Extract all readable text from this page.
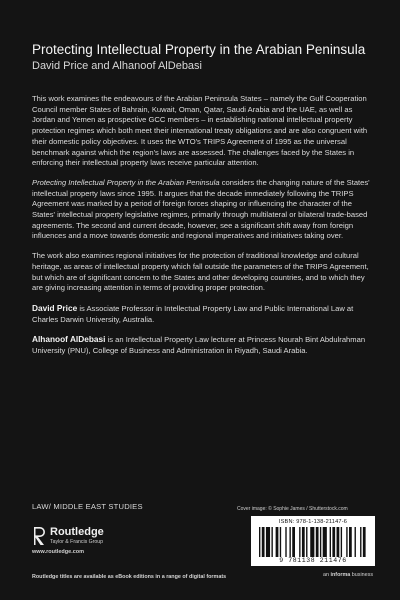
Protecting Intellectual Property in the Arabian Peninsula

David Price and Alhanoof AlDebasi

This work examines the endeavours of the Arabian Peninsula States – namely the Gulf Cooperation Council member States of Bahrain, Kuwait, Oman, Qatar, Saudi Arabia and the UAE, as well as Jordan and Yemen as prospective GCC members – in establishing national intellectual property protection regimes which both meet their international treaty obligations and are also congruent with their domestic policy objectives. It uses the WTO's TRIPS Agreement of 1995 as the universal benchmark against which the region's laws are assessed. The challenges faced by the States in enforcing their intellectual property laws receive particular attention.

Protecting Intellectual Property in the Arabian Peninsula considers the changing nature of the States' intellectual property laws since 1995. It argues that the decade immediately following the TRIPS Agreement was marked by a period of foreign forces shaping or influencing the character of the States' intellectual property legislative regimes, primarily through multilateral or bilateral trade-based agreements. The second and current decade, however, see a significant shift away from foreign influences and a move towards domestic and regional imperatives and initiatives taking over.

The work also examines regional initiatives for the protection of traditional knowledge and cultural heritage, as areas of intellectual property which fall outside the parameters of the TRIPS Agreement, but which are of significant concern to the States and other developing countries, and to which they are giving increasing attention in terms of providing proper protection.

David Price is Associate Professor in Intellectual Property Law and Public International Law at Charles Darwin University, Australia.

Alhanoof AlDebasi is an Intellectual Property Law lecturer at Princess Nourah Bint Abdulrahman University (PNU), College of Business and Administration in Riyadh, Saudi Arabia.

LAW/ MIDDLE EAST STUDIES
Routledge
Taylor & Francis Group
www.routledge.com
Routledge titles are available as eBook editions in a range of digital formats
Cover image: © Sophie James / Shutterstock.com
ISBN: 978-1-138-21147-6
9 781138 211476
an informa business
